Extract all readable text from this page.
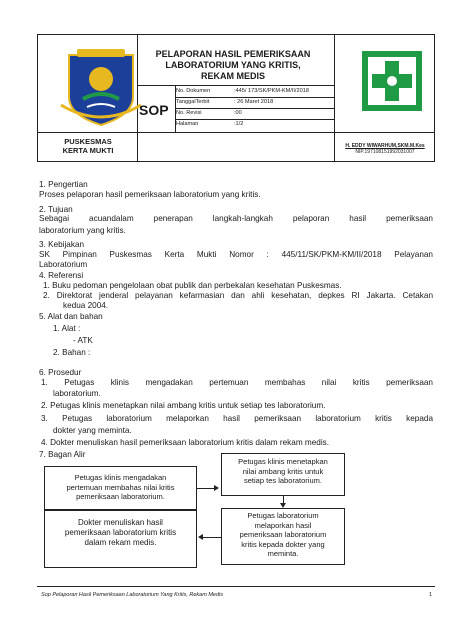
PELAPORAN HASIL PEMERIKSAAN LABORATORIUM YANG KRITIS, REKAM MEDIS
SOP
No. Dokumen	:445/ 173/SK/PKM-KM/II/2018
TanggalTerbit	: 26 Maret 2018
No. Revisi	:00
Halaman	:1/2
PUSKESMAS
KERTA MUKTI	H. EDDY WIWARHUM,SKM.M.Kes
NIP.197108151992031007
1. Pengertian
Proses pelaporan hasil pemeriksaan laboratorium yang kritis.
2. Tujuan
Sebagai acuandalam penerapan langkah-langkah pelaporan hasil pemeriksaan
laboratorium yang kritis.
3. Kebijakan
SK Pimpinan Puskesmas Kerta Mukti Nomor : 445/11/SK/PKM-KM/II/2018 Pelayanan
Laboratorium
4. Referensi
1. Buku pedoman pengelolaan obat publik dan perbekalan kesehatan Puskesmas.
2. Direktorat jenderal pelayanan kefarmasian dan ahli kesehatan, depkes RI Jakarta. Cetakan
kedua 2004.
5. Alat dan bahan
1. Alat :
- ATK
2. Bahan :
6. Prosedur
1. Petugas klinis mengadakan pertemuan membahas nilai kritis pemeriksaan
laboratorium.
2. Petugas klinis menetapkan nilai ambang kritis untuk setiap tes laboratorium.
3. Petugas laboratorium melaporkan hasil pemeriksaan laboratorium kritis kepada
dokter yang meminta.
4. Dokter menuliskan hasil pemeriksaan laboratorium kritis dalam rekam medis.
7. Bagan Alir
Petugas klinis mengadakan
pertemuan membahas nilai kritis
pemeriksaan laboratorium.
Petugas klinis menetapkan
nilai ambang kritis untuk
setiap tes laboratorium.
Petugas laboratorium
melaporkan hasil
pemeriksaan laboratorium
kritis kepada dokter yang
meminta.
Dokter menuliskan hasil
pemeriksaan laboratorium kritis
dalam rekam medis.
Sop Pelaporan Hasil Pemeriksaan Laboratorium Yang Kritis, Rekam Medis	1
